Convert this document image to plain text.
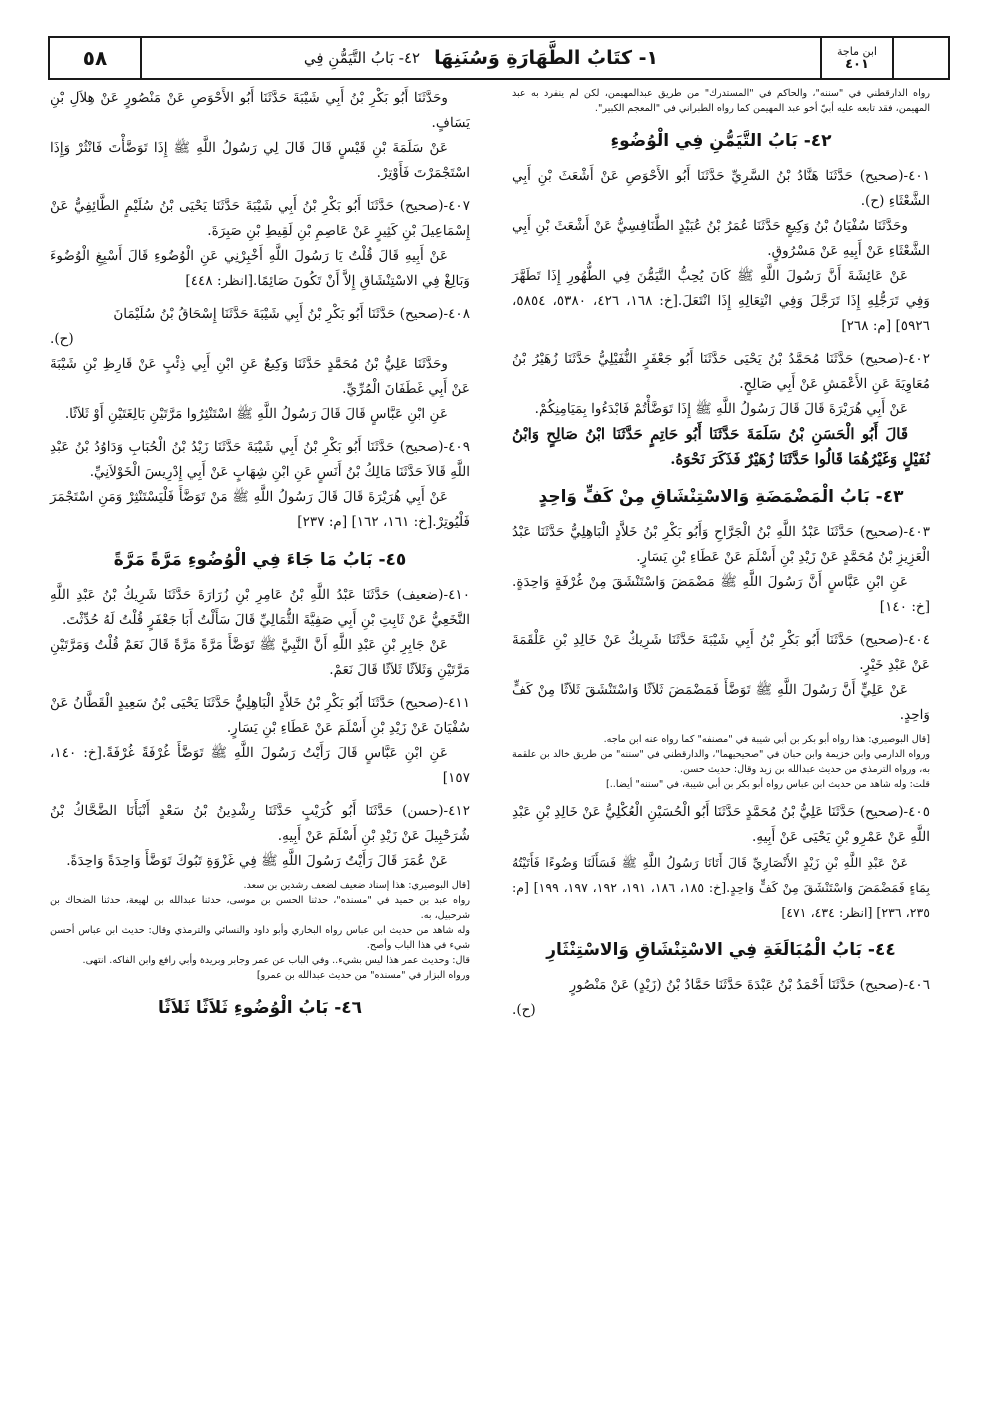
٥٨	١- كتَابُ الطَّهَارَةِ وَسُنَنِهَا
٤٢- بَابُ التَّيَمُّنِ فِي	ابن ماجة
٤٠١

رواه الدارقطني في "سننه"، والحاكم في "المستدرك" من طريق عبدالمهيمن، لكن لم ينفرد به عبد المهيمن، فقد تابعه عليه أبيّ أخو عبد المهيمن كما رواه الطبراني في "المعجم الكبير".

٤٢- بَابُ التَّيَمُّنِ فِي الْوُضُوءِ

٤٠١-(صحيح) حَدَّثَنَا هَنَّادُ بْنُ السَّرِيِّ حَدَّثَنَا أَبُو الأَحْوَصِ عَنْ أَشْعَثَ بْنِ أَبِي الشَّعْثَاءِ (ح).

وحَدَّثَنَا سُفْيَانُ بْنُ وَكِيعٍ حَدَّثَنَا عُمَرُ بْنُ عُبَيْدٍ الطَّنَافِسِيُّ عَنْ أَشْعَثَ بْنِ أَبِي الشَّعْثَاءِ عَنْ أَبِيهِ عَنْ مَسْرُوقٍ.

عَنْ عَائِشَةَ أَنَّ رَسُولَ اللَّهِ ﷺ كَانَ يُحِبُّ التَّيَمُّنَ فِي الطُّهُورِ إِذَا تَطَهَّرَ وَفِي تَرَجُّلِهِ إِذَا تَرَجَّلَ وَفِي انْتِعَالِهِ إِذَا انْتَعَلَ.[خ: ١٦٨، ٤٢٦، ٥٣٨٠، ٥٨٥٤، ٥٩٢٦] [م: ٢٦٨]

٤٠٢-(صحيح) حَدَّثَنَا مُحَمَّدُ بْنُ يَحْيَى حَدَّثَنَا أَبُو جَعْفَرٍ النُّفَيْلِيُّ حَدَّثَنَا زُهَيْرُ بْنُ مُعَاوِيَةَ عَنِ الأَعْمَشِ عَنْ أَبِي صَالِحٍ.

عَنْ أَبِي هُرَيْرَةَ قَالَ قَالَ رَسُولُ اللَّهِ ﷺ إِذَا تَوَضَّأْتُمْ فَابْدَءُوا بِمَيَامِنِكُمْ.

قَالَ أَبُو الْحَسَنِ بْنُ سَلَمَةَ حَدَّثَنَا أَبُو حَاتِمٍ حَدَّثَنَا ابْنُ صَالِحٍ وَابْنُ نُفَيْلٍ وَغَيْرُهُمَا قَالُوا حَدَّثَنَا زُهَيْرٌ فَذَكَرَ نَحْوَهُ.

٤٣- بَابُ الْمَضْمَضَةِ وَالاسْتِنْشَاقِ مِنْ كَفٍّ وَاحِدٍ

٤٠٣-(صحيح) حَدَّثَنَا عَبْدُ اللَّهِ بْنُ الْجَرَّاحِ وَأَبُو بَكْرِ بْنُ خَلاَّدٍ الْبَاهِلِيُّ حَدَّثَنَا عَبْدُ الْعَزِيزِ بْنُ مُحَمَّدٍ عَنْ زَيْدِ بْنِ أَسْلَمَ عَنْ عَطَاءِ بْنِ يَسَارٍ.

عَنِ ابْنِ عَبَّاسٍ أَنَّ رَسُولَ اللَّهِ ﷺ مَضْمَضَ وَاسْتَنْشَقَ مِنْ غُرْفَةٍ وَاحِدَةٍ.[خ: ١٤٠]

٤٠٤-(صحيح) حَدَّثَنَا أَبُو بَكْرِ بْنُ أَبِي شَيْبَةَ حَدَّثَنَا شَرِيكٌ عَنْ خَالِدِ بْنِ عَلْقَمَةَ عَنْ عَبْدِ خَيْرٍ.

عَنْ عَلِيٍّ أَنَّ رَسُولَ اللَّهِ ﷺ تَوَضَّأَ فَمَضْمَضَ ثَلاَثًا وَاسْتَنْشَقَ ثَلاَثًا مِنْ كَفٍّ وَاحِدٍ.

[قال البوصيري: هذا رواه أبو بكر بن أبي شيبة في "مصنفه" كما رواه عنه ابن ماجه.

ورواه الدارمي وابن خزيمة وابن حبان في "صحيحيهما"، والدارقطني في "سننه" من طريق خالد بن علقمة به، ورواه الترمذي من حديث عبدالله بن زيد وقال: حديث حسن.

قلت: وله شاهد من حديث ابن عباس رواه أبو بكر بن أبي شيبة، في "سننه" أيضا..]

٤٠٥-(صحيح) حَدَّثَنَا عَلِيُّ بْنُ مُحَمَّدٍ حَدَّثَنَا أَبُو الْحُسَيْنِ الْعُكْلِيُّ عَنْ خَالِدِ بْنِ عَبْدِ اللَّهِ عَنْ عَمْرِو بْنِ يَحْيَى عَنْ أَبِيهِ.

عَنْ عَبْدِ اللَّهِ بْنِ زَيْدٍ الأَنْصَارِيِّ قَالَ أَتَانَا رَسُولُ اللَّهِ ﷺ فَسَأَلَنَا وَضُوءًا فَأَتَيْتُهُ بِمَاءٍ فَمَضْمَضَ وَاسْتَنْشَقَ مِنْ كَفٍّ وَاحِدٍ.[خ: ١٨٥، ١٨٦، ١٩١، ١٩٢، ١٩٧، ١٩٩] [م: ٢٣٥، ٢٣٦] [انظر: ٤٣٤، ٤٧١]

٤٤- بَابُ الْمُبَالَغَةِ فِي الاسْتِنْشَاقِ وَالاسْتِنْثَارِ

٤٠٦-(صحيح) حَدَّثَنَا أَحْمَدُ بْنُ عَبْدَةَ حَدَّثَنَا حَمَّادُ بْنُ (زَيْدٍ) عَنْ مَنْصُورٍ

(ح).

وحَدَّثَنَا أَبُو بَكْرِ بْنُ أَبِي شَيْبَةَ حَدَّثَنَا أَبُو الأَحْوَصِ عَنْ مَنْصُورٍ عَنْ هِلاَلِ بْنِ يَسَافٍ.

عَنْ سَلَمَةَ بْنِ قَيْسٍ قَالَ قَالَ لِي رَسُولُ اللَّهِ ﷺ إِذَا تَوَضَّأْتَ فَانْثُرْ وَإِذَا اسْتَجْمَرْتَ فَأَوْتِرْ.

٤٠٧-(صحيح) حَدَّثَنَا أَبُو بَكْرِ بْنُ أَبِي شَيْبَةَ حَدَّثَنَا يَحْيَى بْنُ سُلَيْمٍ الطَّائِفِيُّ عَنْ إِسْمَاعِيلَ بْنِ كَثِيرٍ عَنْ عَاصِمِ بْنِ لَقِيطِ بْنِ صَبِرَةَ.

عَنْ أَبِيهِ قَالَ قُلْتُ يَا رَسُولَ اللَّهِ أَخْبِرْنِي عَنِ الْوُضُوءِ قَالَ أَسْبِغِ الْوُضُوءَ وَبَالِغْ فِي الاسْتِنْشَاقِ إِلاَّ أَنْ تَكُونَ صَائِمًا.[انظر: ٤٤٨]

٤٠٨-(صحيح) حَدَّثَنَا أَبُو بَكْرِ بْنُ أَبِي شَيْبَةَ حَدَّثَنَا إِسْحَاقُ بْنُ سُلَيْمَانَ

(ح).

وحَدَّثَنَا عَلِيُّ بْنُ مُحَمَّدٍ حَدَّثَنَا وَكِيعٌ عَنِ ابْنِ أَبِي ذِئْبٍ عَنْ قَارِظِ بْنِ شَيْبَةَ عَنْ أَبِي غَطَفَانَ الْمُرِّيِّ.

عَنِ ابْنِ عَبَّاسٍ قَالَ قَالَ رَسُولُ اللَّهِ ﷺ اسْتَنْثِرُوا مَرَّتَيْنِ بَالِغَتَيْنِ أَوْ ثَلاَثًا.

٤٠٩-(صحيح) حَدَّثَنَا أَبُو بَكْرِ بْنُ أَبِي شَيْبَةَ حَدَّثَنَا زَيْدُ بْنُ الْحُبَابِ وَدَاوُدُ بْنُ عَبْدِ اللَّهِ قَالاَ حَدَّثَنَا مَالِكُ بْنُ أَنَسٍ عَنِ ابْنِ شِهَابٍ عَنْ أَبِي إِدْرِيسَ الْخَوْلاَنِيِّ.

عَنْ أَبِي هُرَيْرَةَ قَالَ قَالَ رَسُولُ اللَّهِ ﷺ مَنْ تَوَضَّأَ فَلْيَسْتَنْثِرْ وَمَنِ اسْتَجْمَرَ فَلْيُوتِرْ.[خ: ١٦١، ١٦٢] [م: ٢٣٧]

٤٥- بَابُ مَا جَاءَ فِي الْوُضُوءِ مَرَّةً مَرَّةً

٤١٠-(ضعيف) حَدَّثَنَا عَبْدُ اللَّهِ بْنُ عَامِرِ بْنِ زُرَارَةَ حَدَّثَنَا شَرِيكُ بْنُ عَبْدِ اللَّهِ النَّخَعِيُّ عَنْ ثَابِتِ بْنِ أَبِي صَفِيَّةَ الثُّمَالِيِّ قَالَ سَأَلْتُ أَبَا جَعْفَرٍ قُلْتُ لَهُ حُدِّثْتَ.

عَنْ جَابِرِ بْنِ عَبْدِ اللَّهِ أَنَّ النَّبِيَّ ﷺ تَوَضَّأَ مَرَّةً مَرَّةً قَالَ نَعَمْ قُلْتُ وَمَرَّتَيْنِ مَرَّتَيْنِ وَثَلاَثًا ثَلاَثًا قَالَ نَعَمْ.

٤١١-(صحيح) حَدَّثَنَا أَبُو بَكْرِ بْنُ خَلاَّدٍ الْبَاهِلِيُّ حَدَّثَنَا يَحْيَى بْنُ سَعِيدٍ الْقَطَّانُ عَنْ سُفْيَانَ عَنْ زَيْدِ بْنِ أَسْلَمَ عَنْ عَطَاءِ بْنِ يَسَارٍ.

عَنِ ابْنِ عَبَّاسٍ قَالَ رَأَيْتُ رَسُولَ اللَّهِ ﷺ تَوَضَّأَ غُرْفَةً غُرْفَةً.[خ: ١٤٠، ١٥٧]

٤١٢-(حسن) حَدَّثَنَا أَبُو كُرَيْبٍ حَدَّثَنَا رِشْدِينُ بْنُ سَعْدٍ أَنْبَأَنَا الضَّحَّاكُ بْنُ شُرَحْبِيلَ عَنْ زَيْدِ بْنِ أَسْلَمَ عَنْ أَبِيهِ.

عَنْ عُمَرَ قَالَ رَأَيْتُ رَسُولَ اللَّهِ ﷺ فِي غَزْوَةِ تَبُوكَ تَوَضَّأَ وَاحِدَةً وَاحِدَةً.

[قال البوصيري: هذا إسناد ضعيف لضعف رشدين بن سعد.

رواه عبد بن حميد في "مسنده"، حدثنا الحسن بن موسى، حدثنا عبدالله بن لهيعة، حدثنا الضحاك بن شرحبيل، به.

وله شاهد من حديث ابن عباس رواه البخاري وأبو داود والنسائي والترمذي وقال: حديث ابن عباس أحسن شيء في هذا الباب وأصح.

قال: وحديث عمر هذا ليس بشيء.. وفي الباب عن عمر وجابر وبريدة وأبي رافع وابن الفاكه. انتهى.

ورواه البزار في "مسنده" من حديث عبدالله بن عمرو]

٤٦- بَابُ الْوُضُوءِ ثَلاَثًا ثَلاَثًا
